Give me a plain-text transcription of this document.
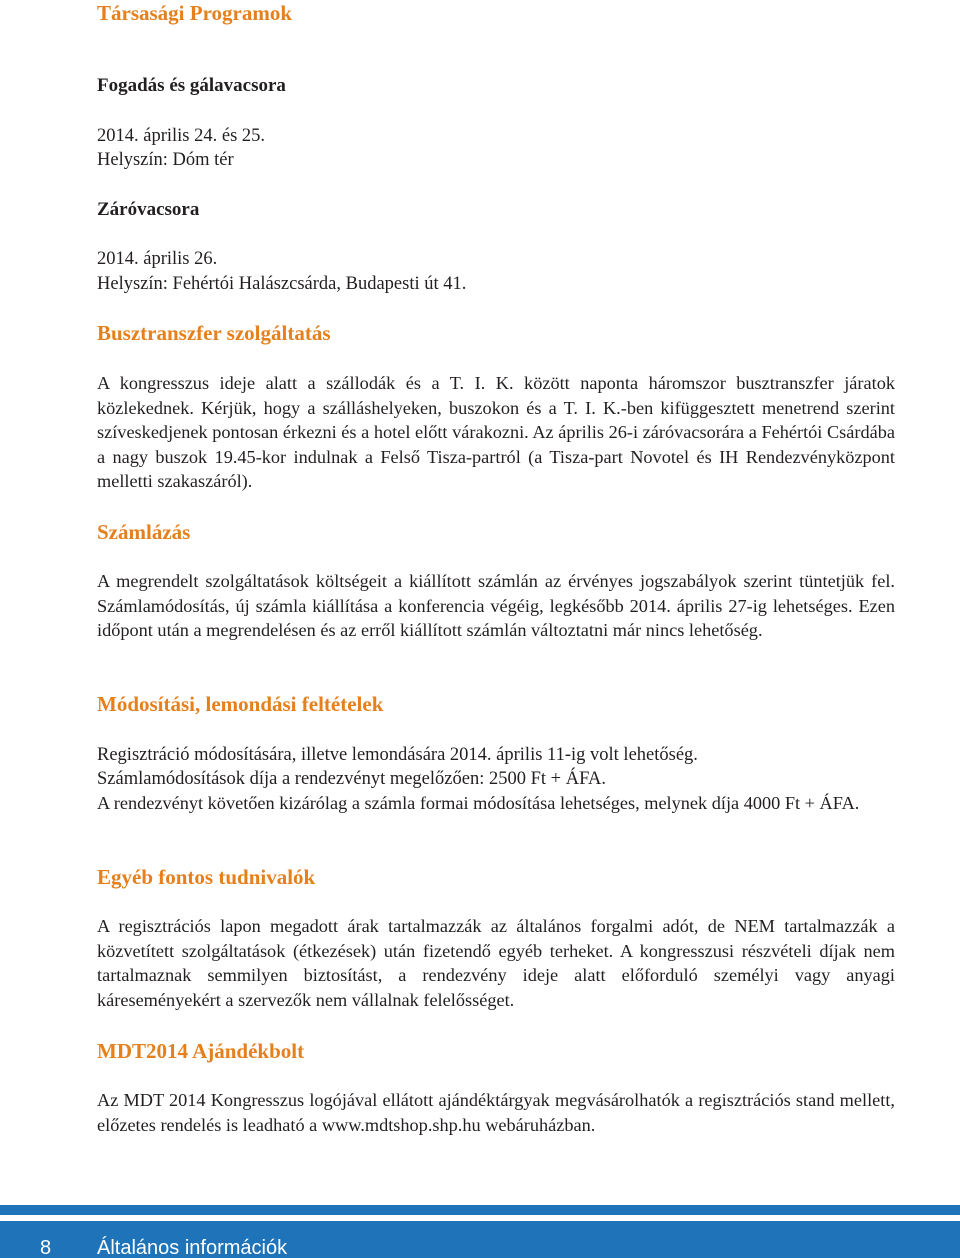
Társasági Programok

Fogadás és gálavacsora

2014. április 24. és 25.

Helyszín: Dóm tér

Záróvacsora

2014. április 26.

Helyszín: Fehértói Halászcsárda, Budapesti út 41.

Busztranszfer szolgáltatás

A kongresszus ideje alatt a szállodák és a T. I. K. között naponta háromszor busztranszfer járatok közlekednek. Kérjük, hogy a szálláshelyeken, buszokon és a T. I. K.-ben kifüggesztett menetrend szerint szíveskedjenek pontosan érkezni és a hotel előtt várakozni. Az április 26-i záróvacsorára a Fehértói Csárdába a nagy buszok 19.45-kor indulnak a Felső Tisza-partról (a Tisza-part Novotel és IH Rendezvényközpont melletti szakaszáról).

Számlázás

A megrendelt szolgáltatások költségeit a kiállított számlán az érvényes jogszabályok szerint tüntetjük fel. Számlamódosítás, új számla kiállítása a konferencia végéig, legkésőbb 2014. április 27-ig lehetséges. Ezen időpont után a megrendelésen és az erről kiállított számlán változtatni már nincs lehetőség.

Módosítási, lemondási feltételek

Regisztráció módosítására, illetve lemondására 2014. április 11-ig volt lehetőség.

Számlamódosítások díja a rendezvényt megelőzően: 2500 Ft + ÁFA.

A rendezvényt követően kizárólag a számla formai módosítása lehetséges, melynek díja 4000 Ft + ÁFA.

Egyéb fontos tudnivalók

A regisztrációs lapon megadott árak tartalmazzák az általános forgalmi adót, de NEM tartalmazzák a közvetített szolgáltatások (étkezések) után fizetendő egyéb terheket. A kongresszusi részvételi díjak nem tartalmaznak semmilyen biztosítást, a rendezvény ideje alatt előforduló személyi vagy anyagi káreseményekért a szervezők nem vállalnak felelősséget.

MDT2014 Ajándékbolt

Az MDT 2014 Kongresszus logójával ellátott ajándéktárgyak megvásárolhatók a regisztrációs stand mellett, előzetes rendelés is leadható a www.mdtshop.shp.hu webáruházban.

8 Általános információk
